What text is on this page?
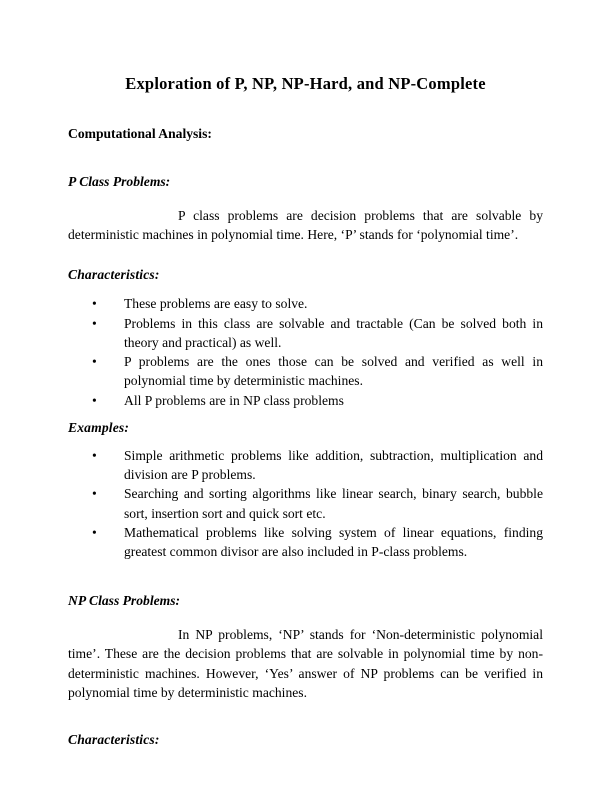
Exploration of P, NP, NP-Hard, and NP-Complete
Computational Analysis:
P Class Problems:

P class problems are decision problems that are solvable by deterministic machines in polynomial time. Here, ‘P’ stands for ‘polynomial time’.

Characteristics:
• These problems are easy to solve.
• Problems in this class are solvable and tractable (Can be solved both in theory and practical) as well.
• P problems are the ones those can be solved and verified as well in polynomial time by deterministic machines.
• All P problems are in NP class problems
Examples:
• Simple arithmetic problems like addition, subtraction, multiplication and division are P problems.
• Searching and sorting algorithms like linear search, binary search, bubble sort, insertion sort and quick sort etc.
• Mathematical problems like solving system of linear equations, finding greatest common divisor are also included in P-class problems.
NP Class Problems:

In NP problems, ‘NP’ stands for ‘Non-deterministic polynomial time’. These are the decision problems that are solvable in polynomial time by non-deterministic machines. However, ‘Yes’ answer of NP problems can be verified in polynomial time by deterministic machines.

Characteristics:
